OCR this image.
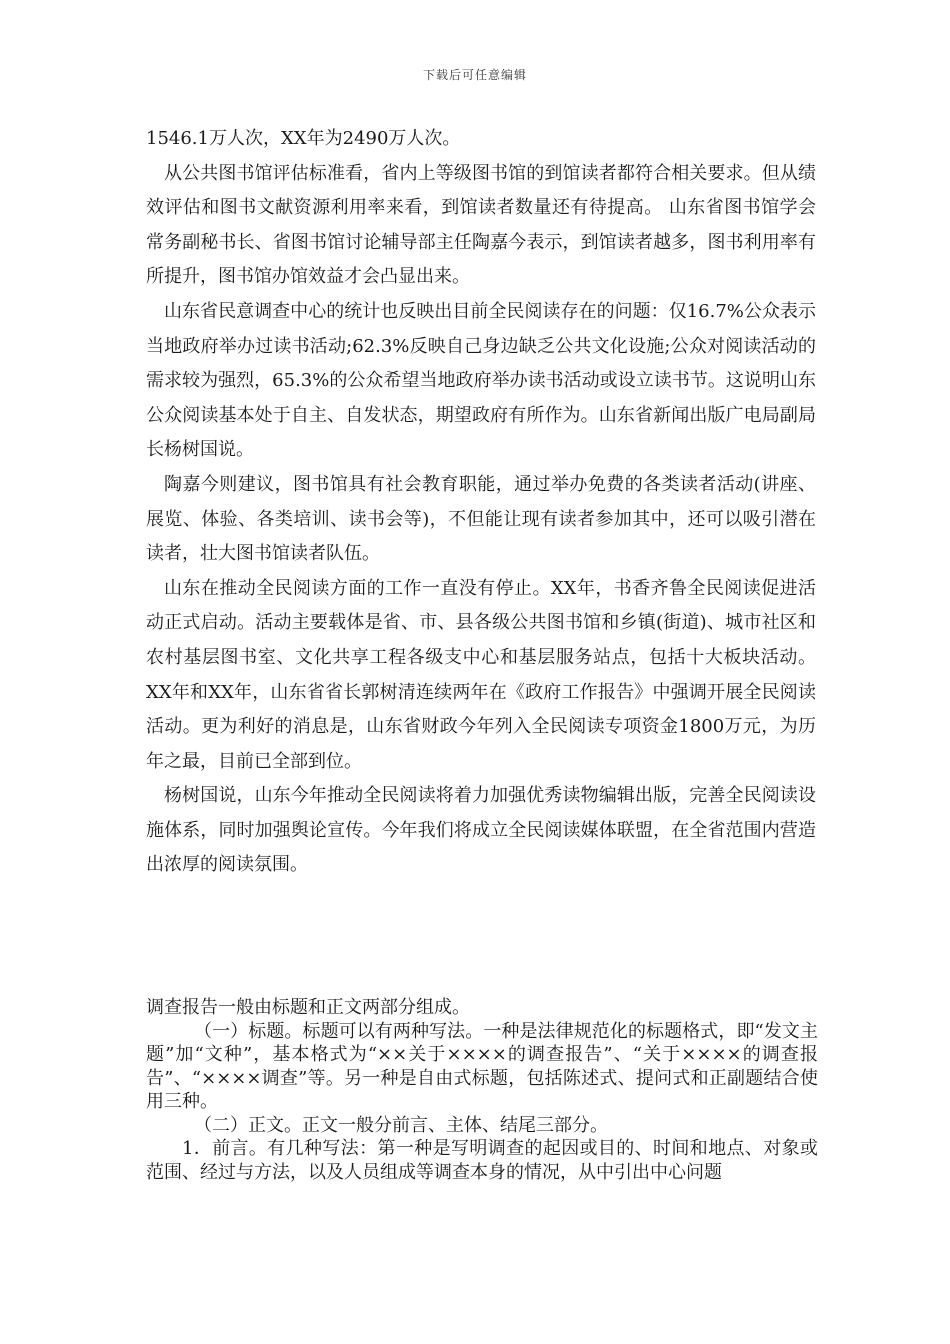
下载后可任意编辑

1546.1万人次，XX年为2490万人次。

从公共图书馆评估标准看，省内上等级图书馆的到馆读者都符合相关要求。但从绩效评估和图书文献资源利用率来看，到馆读者数量还有待提高。 山东省图书馆学会常务副秘书长、省图书馆讨论辅导部主任陶嘉今表示，到馆读者越多，图书利用率有所提升，图书馆办馆效益才会凸显出来。

山东省民意调查中心的统计也反映出目前全民阅读存在的问题：仅16.7%公众表示当地政府举办过读书活动;62.3%反映自己身边缺乏公共文化设施;公众对阅读活动的需求较为强烈，65.3%的公众希望当地政府举办读书活动或设立读书节。这说明山东公众阅读基本处于自主、自发状态，期望政府有所作为。山东省新闻出版广电局副局长杨树国说。

陶嘉今则建议，图书馆具有社会教育职能，通过举办免费的各类读者活动(讲座、展览、体验、各类培训、读书会等)，不但能让现有读者参加其中，还可以吸引潜在读者，壮大图书馆读者队伍。

山东在推动全民阅读方面的工作一直没有停止。XX年，书香齐鲁全民阅读促进活动正式启动。活动主要载体是省、市、县各级公共图书馆和乡镇(街道)、城市社区和农村基层图书室、文化共享工程各级支中心和基层服务站点，包括十大板块活动。XX年和XX年，山东省省长郭树清连续两年在《政府工作报告》中强调开展全民阅读活动。更为利好的消息是，山东省财政今年列入全民阅读专项资金1800万元，为历年之最，目前已全部到位。

杨树国说，山东今年推动全民阅读将着力加强优秀读物编辑出版，完善全民阅读设施体系，同时加强舆论宣传。今年我们将成立全民阅读媒体联盟，在全省范围内营造出浓厚的阅读氛围。

调查报告一般由标题和正文两部分组成。

（一）标题。标题可以有两种写法。一种是法律规范化的标题格式，即“发文主题”加“文种”，基本格式为“××关于××××的调查报告”、“关于××××的调查报告”、“××××调查”等。另一种是自由式标题，包括陈述式、提问式和正副题结合使用三种。

（二）正文。正文一般分前言、主体、结尾三部分。

1．前言。有几种写法：第一种是写明调查的起因或目的、时间和地点、对象或范围、经过与方法，以及人员组成等调查本身的情况，从中引出中心问题
